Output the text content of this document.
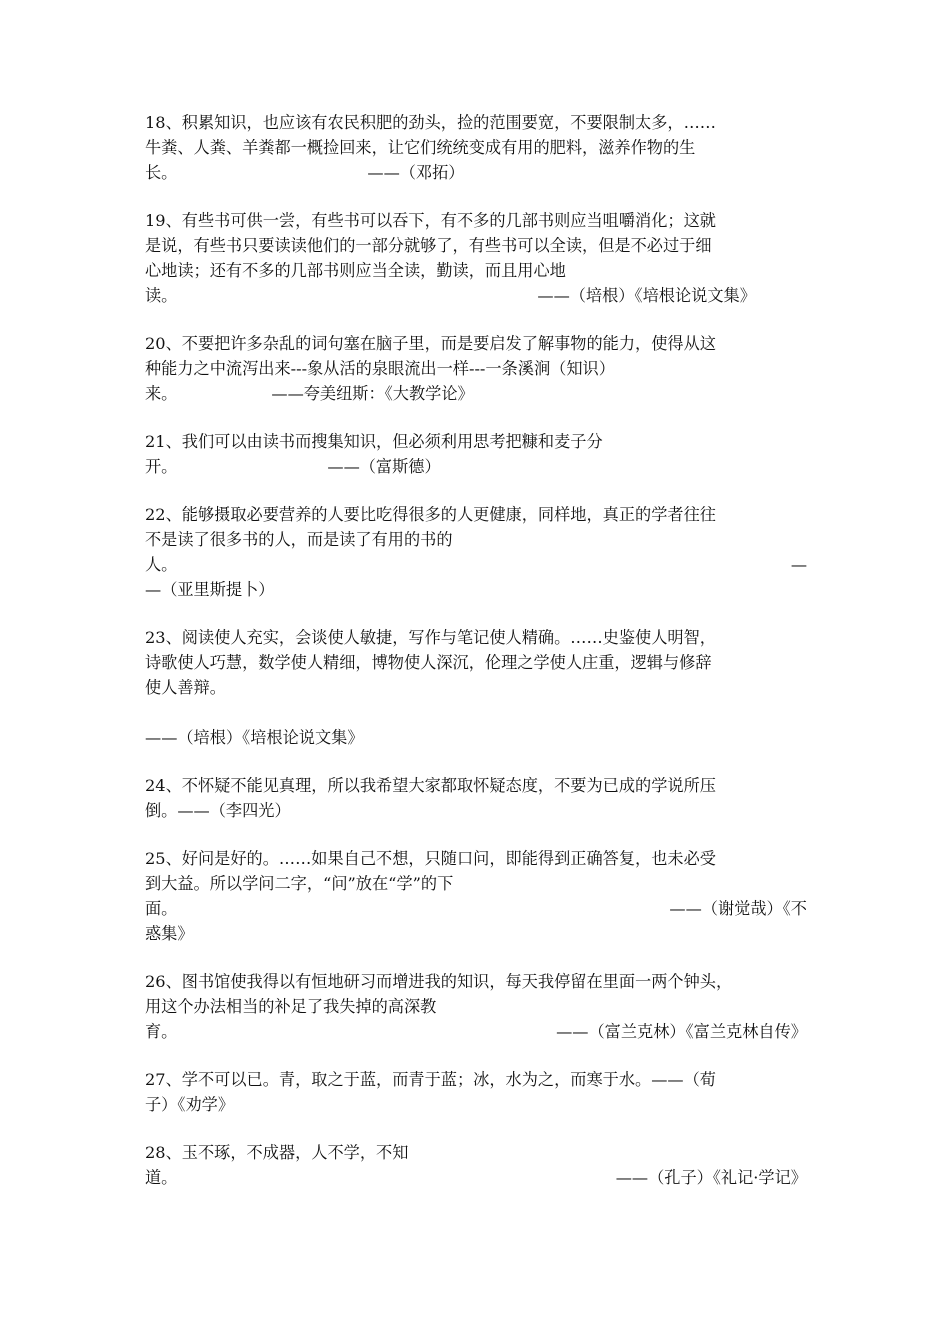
18、积累知识，也应该有农民积肥的劲头，捡的范围要宽，不要限制太多，……
牛粪、人粪、羊粪都一概捡回来，让它们统统变成有用的肥料，滋养作物的生
长。	——（邓拓）

19、有些书可供一尝，有些书可以吞下，有不多的几部书则应当咀嚼消化；这就
是说，有些书只要读读他们的一部分就够了，有些书可以全读，但是不必过于细
心地读；还有不多的几部书则应当全读，勤读，而且用心地
读。	——（培根）《培根论说文集》

20、不要把许多杂乱的词句塞在脑子里，而是要启发了解事物的能力，使得从这
种能力之中流泻出来---象从活的泉眼流出一样---一条溪涧（知识）
来。	——夸美纽斯：《大教学论》

21、我们可以由读书而搜集知识，但必须利用思考把糠和麦子分
开。	——（富斯德）

22、能够摄取必要营养的人要比吃得很多的人更健康，同样地，真正的学者往往
不是读了很多书的人，而是读了有用的书的
人。	—
—（亚里斯提卜）

23、阅读使人充实，会谈使人敏捷，写作与笔记使人精确。……史鉴使人明智，
诗歌使人巧慧，数学使人精细，博物使人深沉，伦理之学使人庄重，逻辑与修辞
使人善辩。
——（培根）《培根论说文集》

24、不怀疑不能见真理，所以我希望大家都取怀疑态度，不要为已成的学说所压
倒。——（李四光）

25、好问是好的。……如果自己不想，只随口问，即能得到正确答复，也未必受
到大益。所以学问二字，“问”放在“学”的下
面。	——（谢觉哉）《不
惑集》

26、图书馆使我得以有恒地研习而增进我的知识，每天我停留在里面一两个钟头，
用这个办法相当的补足了我失掉的高深教
育。	——（富兰克林）《富兰克林自传》

27、学不可以已。青，取之于蓝，而青于蓝；冰，水为之，而寒于水。——（荀
子）《劝学》

28、玉不琢，不成器，人不学，不知
道。	——（孔子）《礼记·学记》
